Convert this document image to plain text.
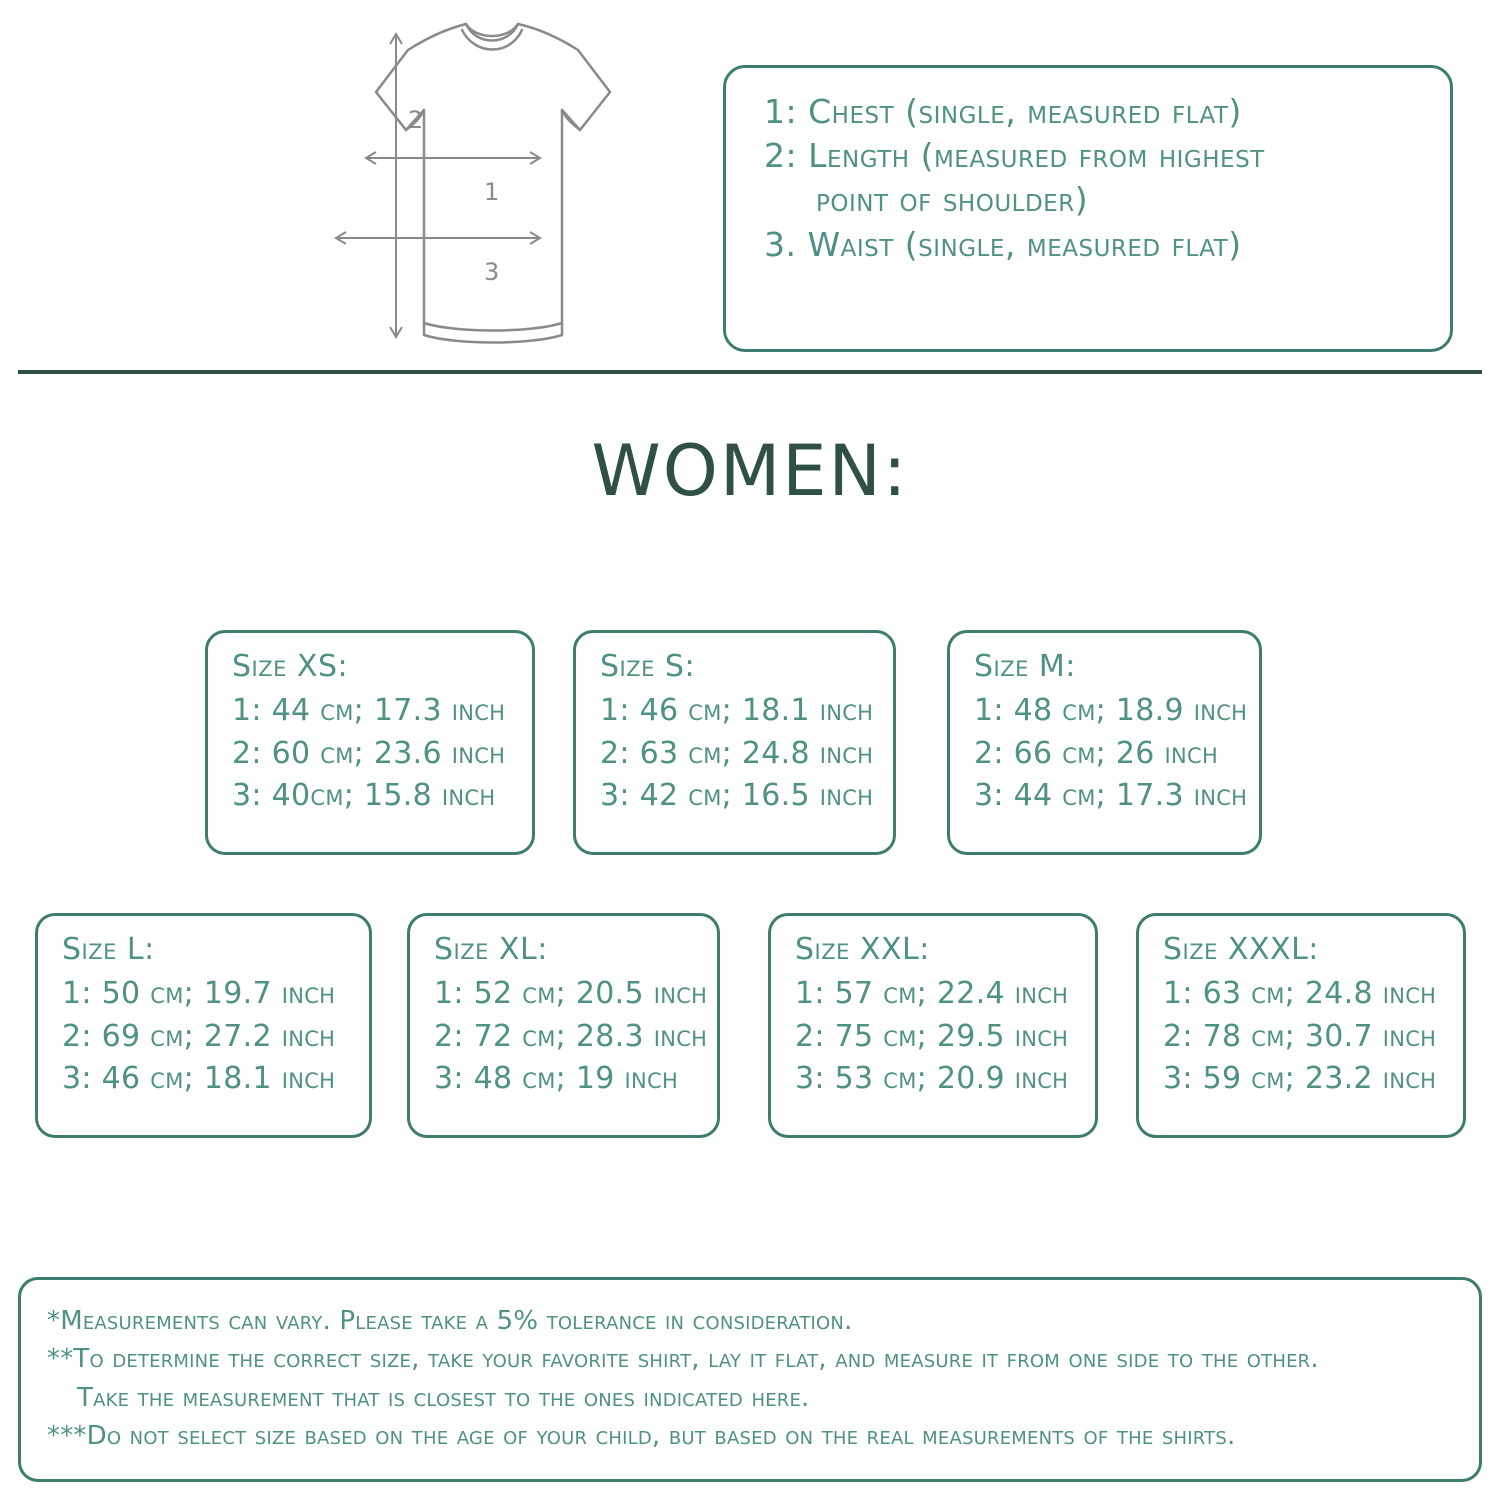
2
1
3
1: Chest (single, measured flat)
2: Length (measured from highest
point of shoulder)
3. Waist (single, measured flat)
WOMEN:
Size XS:
1: 44 cm; 17.3 inch
2: 60 cm; 23.6 inch
3: 40cm; 15.8 inch
Size S:
1: 46 cm; 18.1 inch
2: 63 cm; 24.8 inch
3: 42 cm; 16.5 inch
Size M:
1: 48 cm; 18.9 inch
2: 66 cm; 26 inch
3: 44 cm; 17.3 inch
Size L:
1: 50 cm; 19.7 inch
2: 69 cm; 27.2 inch
3: 46 cm; 18.1 inch
Size XL:
1: 52 cm; 20.5 inch
2: 72 cm; 28.3 inch
3: 48 cm; 19 inch
Size XXL:
1: 57 cm; 22.4 inch
2: 75 cm; 29.5 inch
3: 53 cm; 20.9 inch
Size XXXL:
1: 63 cm; 24.8 inch
2: 78 cm; 30.7 inch
3: 59 cm; 23.2 inch
*Measurements can vary. Please take a 5% tolerance in consideration.
**To determine the correct size, take your favorite shirt, lay it flat, and measure it from one side to the other.
Take the measurement that is closest to the ones indicated here.
***Do not select size based on the age of your child, but based on the real measurements of the shirts.
